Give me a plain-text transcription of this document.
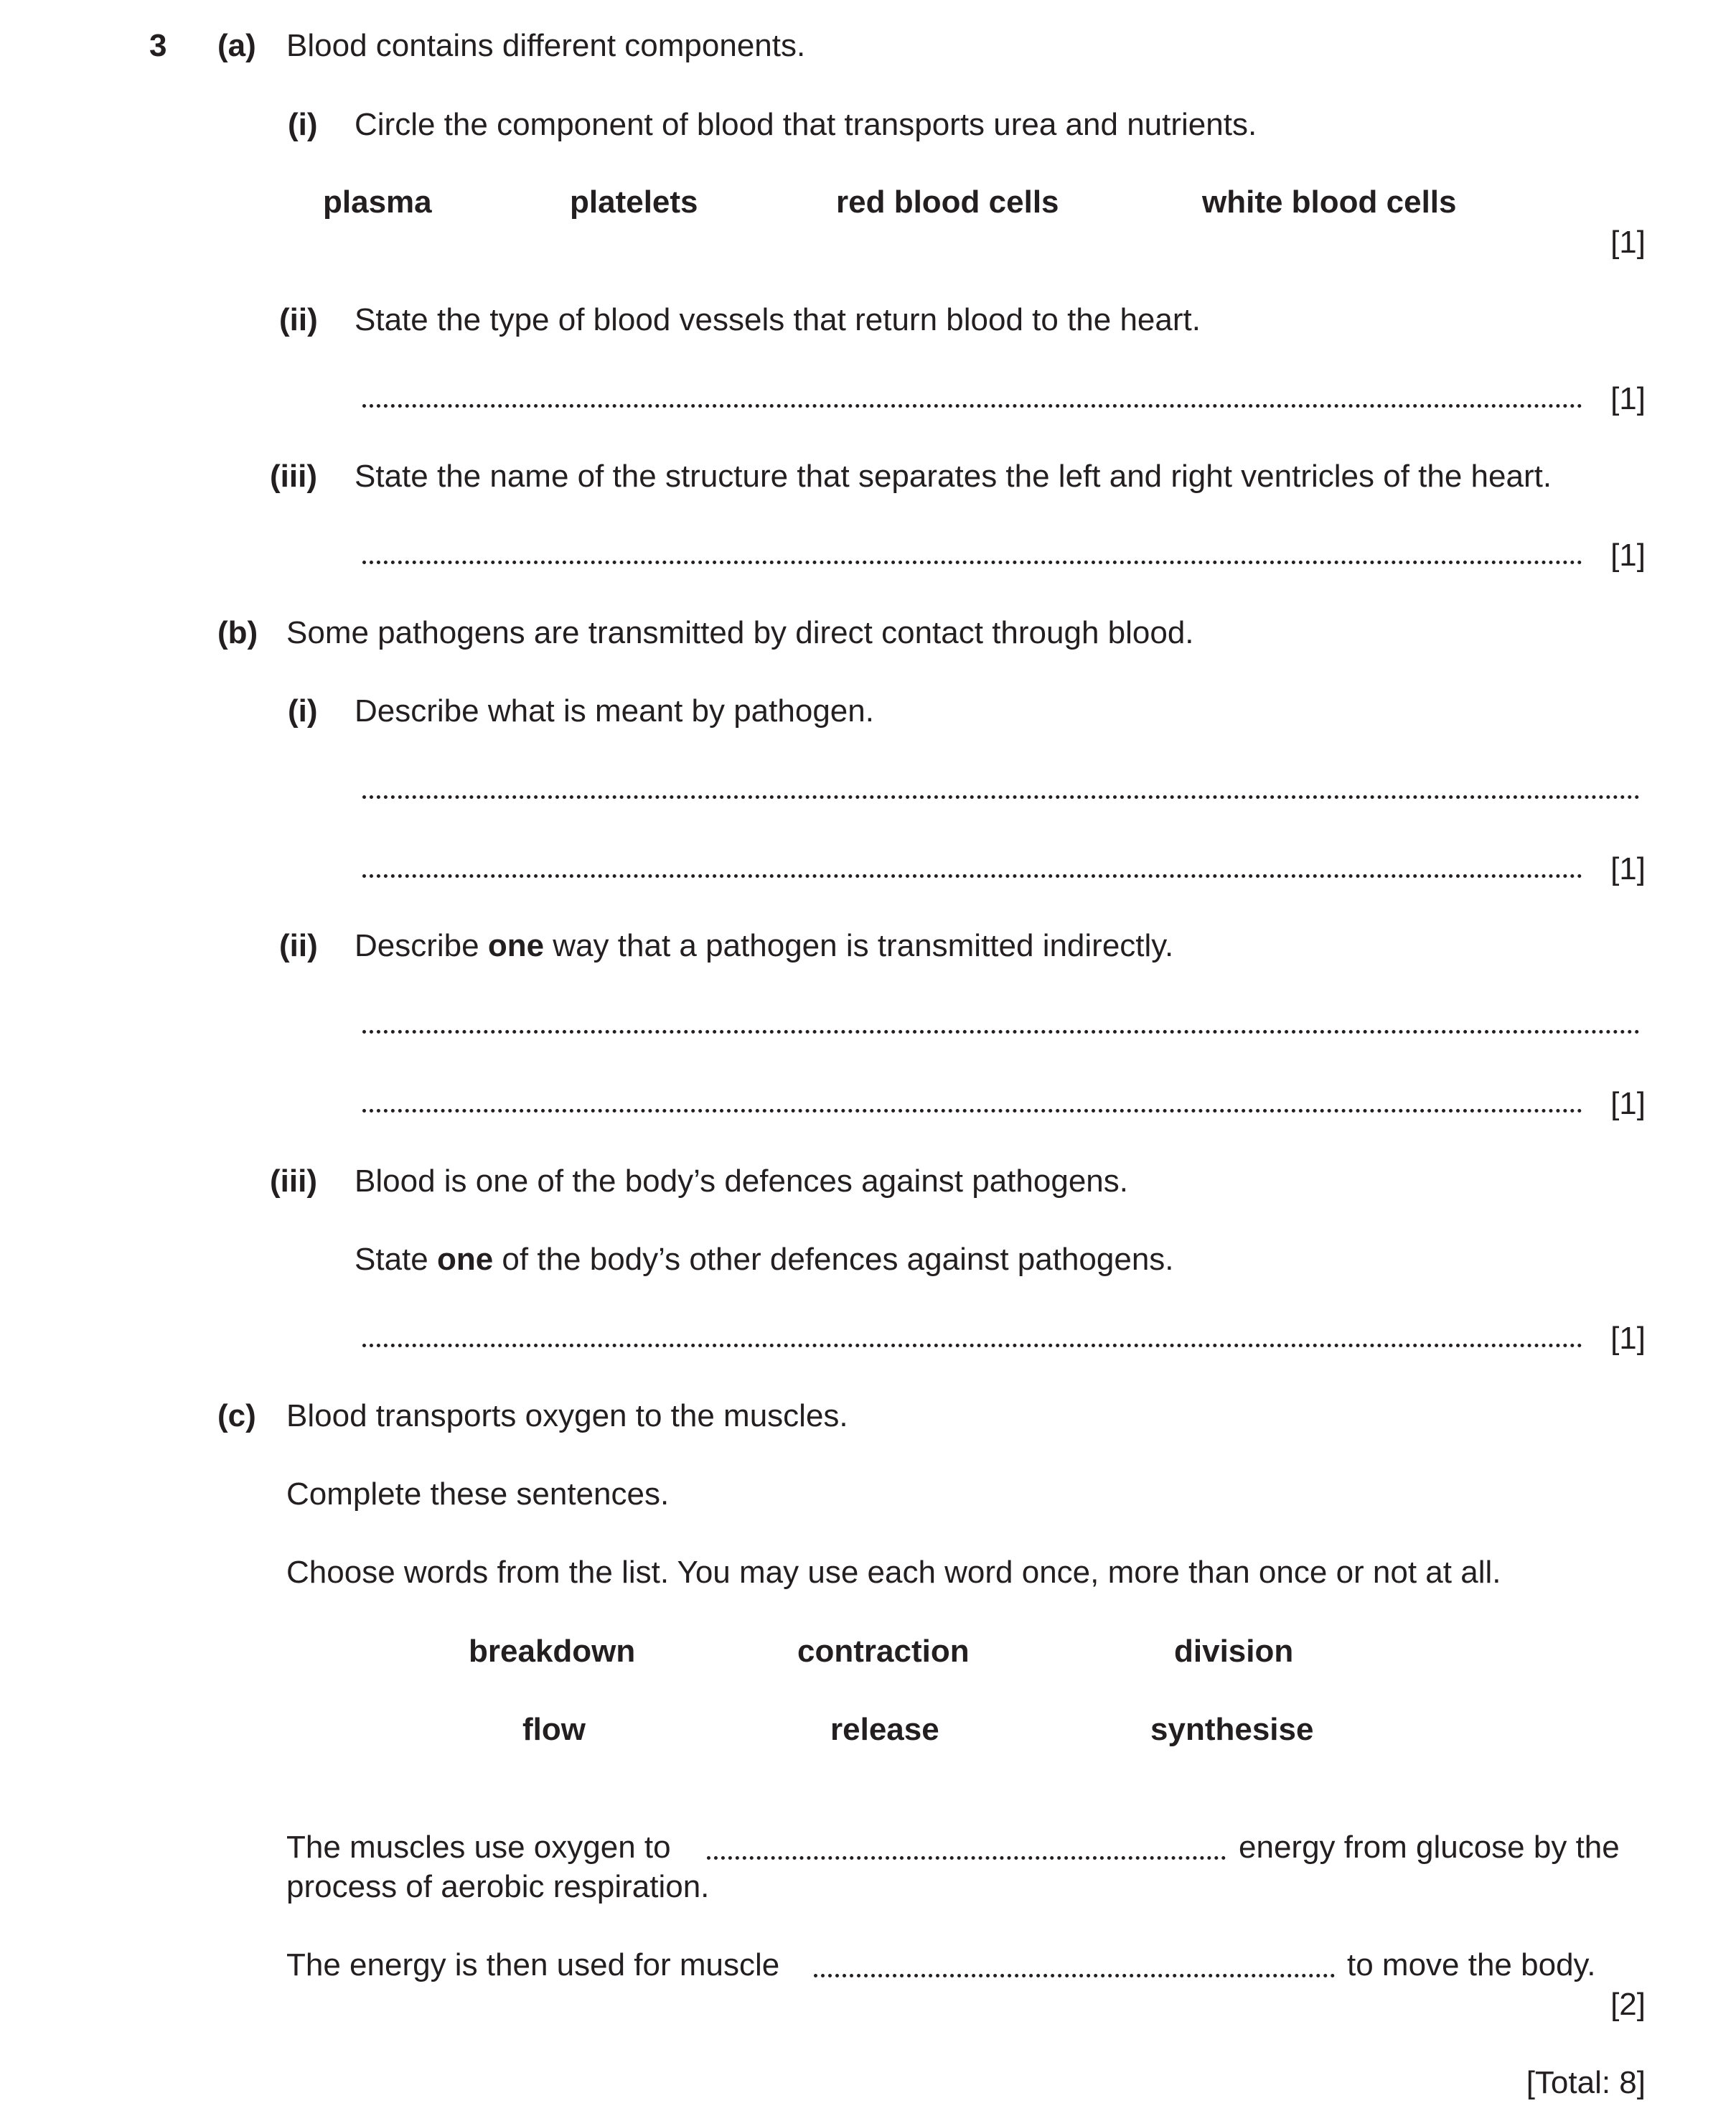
3 (a) Blood contains different components.
(i) Circle the component of blood that transports urea and nutrients.
plasma	platelets	red blood cells	white blood cells
[1]
(ii) State the type of blood vessels that return blood to the heart.
[1]
(iii) State the name of the structure that separates the left and right ventricles of the heart.
[1]
(b) Some pathogens are transmitted by direct contact through blood.
(i) Describe what is meant by pathogen.
[1]
(ii) Describe one way that a pathogen is transmitted indirectly.
[1]
(iii) Blood is one of the body’s defences against pathogens.
State one of the body’s other defences against pathogens.
[1]
(c) Blood transports oxygen to the muscles.
Complete these sentences.
Choose words from the list. You may use each word once, more than once or not at all.
breakdown	contraction	division
flow	release	synthesise
The muscles use oxygen to	energy from glucose by the
process of aerobic respiration.
The energy is then used for muscle	to move the body.
[2]
[Total: 8]
